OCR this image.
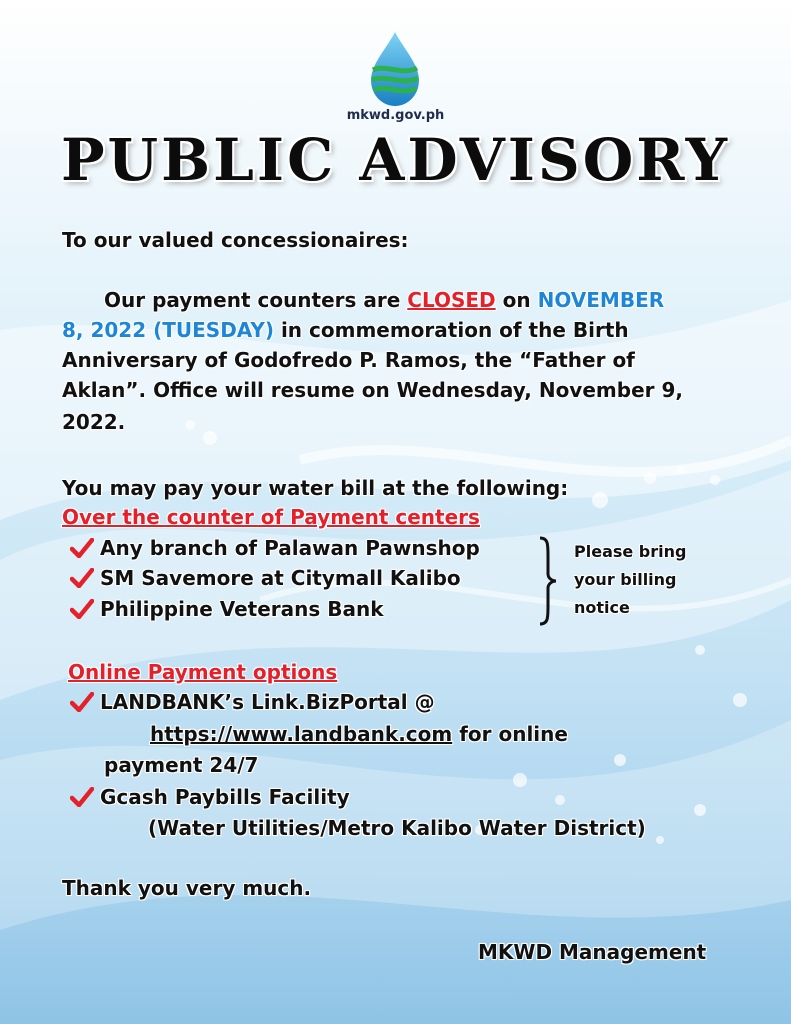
mkwd.gov.ph
PUBLIC ADVISORY
To our valued concessionaires:
Our payment counters are CLOSED on NOVEMBER
8, 2022 (TUESDAY) in commemoration of the Birth
Anniversary of Godofredo P. Ramos, the “Father of
Aklan”. Office will resume on Wednesday, November 9,
2022.
You may pay your water bill at the following:
Over the counter of Payment centers
Any branch of Palawan Pawnshop
SM Savemore at Citymall Kalibo
Philippine Veterans Bank
Please bring
your billing
notice
Online Payment options
LANDBANK’s Link.BizPortal @
https://www.landbank.com for online
payment 24/7
Gcash Paybills Facility
(Water Utilities/Metro Kalibo Water District)
Thank you very much.
MKWD Management
